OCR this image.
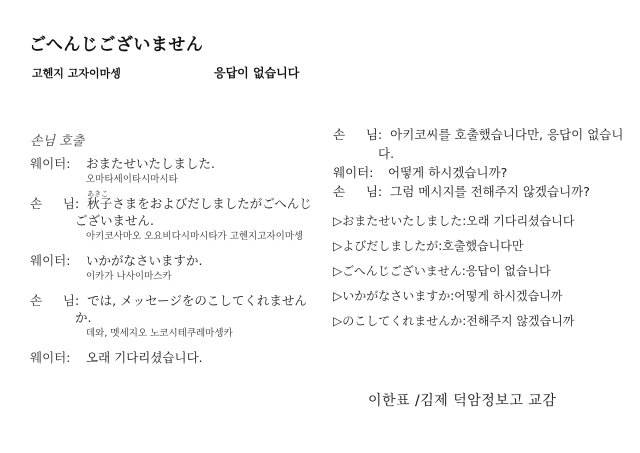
ごへんじございません
고헨지 고자이마셍	응답이 없습니다
손님 호출
웨이터:	おまたせいたしました.
오마타세이타시마시타
손 님 :
あきこ
秋子さまをおよびだしましたがごへんじございません.
아키코사마오 오요비다시마시타가 고헨지고자이마셍
웨이터:	いかがなさいますか.
이카가 나사이마스카
손 님 :  では, メッセージをのこしてくれませんか.
데와, 멧세지오 노코시테쿠레마셍카
웨이터:	오래 기다리셨습니다.
손 님 :  아키코씨를 호출했습니다만, 응답이 없습니다.
웨이터:	어떻게 하시겠습니까?
손 님 :  그럼 메시지를 전해주지 않겠습니까?
▷おまたせいたしました:오래 기다리셨습니다
▷よびだしましたが:호출했습니다만
▷ごへんじございません:응답이 없습니다
▷いかがなさいますか:어떻게 하시겠습니까
▷のこしてくれませんか:전해주지 않겠습니까
이한표 /김제 덕암정보고 교감
